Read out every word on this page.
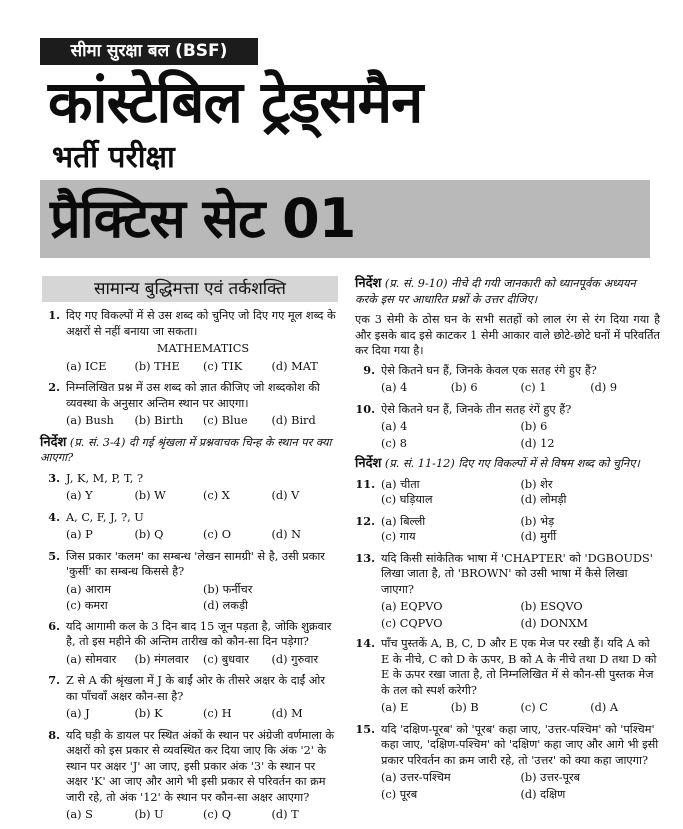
सीमा सुरक्षा बल (BSF)
कांस्टेबिल ट्रेड्समैन
भर्ती परीक्षा
प्रैक्टिस सेट 01
सामान्य बुद्धिमत्ता एवं तर्कशक्ति
1. दिए गए विकल्पों में से उस शब्द को चुनिए जो दिए गए मूल शब्द के अक्षरों से नहीं बनाया जा सकता।
MATHEMATICS
(a) ICE	(b) THE	(c) TIK	(d) MAT
2. निम्नलिखित प्रश्न में उस शब्द को ज्ञात कीजिए जो शब्दकोश की व्यवस्था के अनुसार अन्तिम स्थान पर आएगा।
(a) Bush	(b) Birth	(c) Blue	(d) Bird
निर्देश (प्र. सं. 3-4) दी गई श्रृंखला में प्रश्नवाचक चिन्ह के स्थान पर क्या आएगा?
3. J, K, M, P, T, ?
(a) Y	(b) W	(c) X	(d) V
4. A, C, F, J, ?, U
(a) P	(b) Q	(c) O	(d) N
5. जिस प्रकार 'कलम' का सम्बन्ध 'लेखन सामग्री' से है, उसी प्रकार 'कुर्सी' का सम्बन्ध किससे है?
(a) आराम	(b) फर्नीचर
(c) कमरा	(d) लकड़ी
6. यदि आगामी कल के 3 दिन बाद 15 जून पड़ता है, जोकि शुक्रवार है, तो इस महीने की अन्तिम तारीख को कौन-सा दिन पड़ेगा?
(a) सोमवार	(b) मंगलवार	(c) बुधवार	(d) गुरुवार
7. Z से A की श्रृंखला में J के बाईं ओर के तीसरे अक्षर के दाईं ओर का पाँचवाँ अक्षर कौन-सा है?
(a) J	(b) K	(c) H	(d) M
8. यदि घड़ी के डायल पर स्थित अंकों के स्थान पर अंग्रेजी वर्णमाला के अक्षरों को इस प्रकार से व्यवस्थित कर दिया जाए कि अंक '2' के स्थान पर अक्षर 'J' आ जाए, इसी प्रकार अंक '3' के स्थान पर अक्षर 'K' आ जाए और आगे भी इसी प्रकार से परिवर्तन का क्रम जारी रहे, तो अंक '12' के स्थान पर कौन-सा अक्षर आएगा?
(a) S	(b) U	(c) Q	(d) T
निर्देश (प्र. सं. 9-10) नीचे दी गयी जानकारी को ध्यानपूर्वक अध्ययन करके इस पर आधारित प्रश्नों के उत्तर दीजिए।
एक 3 सेमी के ठोस घन के सभी सतहों को लाल रंग से रंग दिया गया है और इसके बाद इसे काटकर 1 सेमी आकार वाले छोटे-छोटे घनों में परिवर्तित कर दिया गया है।
9. ऐसे कितने घन हैं, जिनके केवल एक सतह रंगे हुए हैं?
(a) 4	(b) 6	(c) 1	(d) 9
10. ऐसे कितने घन हैं, जिनके तीन सतह रंगें हुए हैं?
(a) 4	(b) 6
(c) 8	(d) 12
निर्देश (प्र. सं. 11-12) दिए गए विकल्पों में से विषम शब्द को चुनिए।
11. (a) चीता	(b) शेर
(c) घड़ियाल	(d) लोमड़ी
12. (a) बिल्ली	(b) भेड़
(c) गाय	(d) मुर्गी
13. यदि किसी सांकेतिक भाषा में 'CHAPTER' को 'DGBOUDS' लिखा जाता है, तो 'BROWN' को उसी भाषा में कैसे लिखा जाएगा?
(a) EQPVO	(b) ESQVO
(c) CQPVO	(d) DONXM
14. पाँच पुस्तकें A, B, C, D और E एक मेज पर रखी हैं। यदि A को E के नीचे, C को D के ऊपर, B को A के नीचे तथा D तथा D को E के ऊपर रखा जाता है, तो निम्नलिखित में से कौन-सी पुस्तक मेज के तल को स्पर्श करेगी?
(a) E	(b) B	(c) C	(d) A
15. यदि 'दक्षिण-पूरब' को 'पूरब' कहा जाए, 'उत्तर-पश्चिम' को 'पश्चिम' कहा जाए, 'दक्षिण-पश्चिम' को 'दक्षिण' कहा जाए और आगे भी इसी प्रकार परिवर्तन का क्रम जारी रहे, तो 'उत्तर' को क्या कहा जाएगा?
(a) उत्तर-पश्चिम	(b) उत्तर-पूरब
(c) पूरब	(d) दक्षिण
